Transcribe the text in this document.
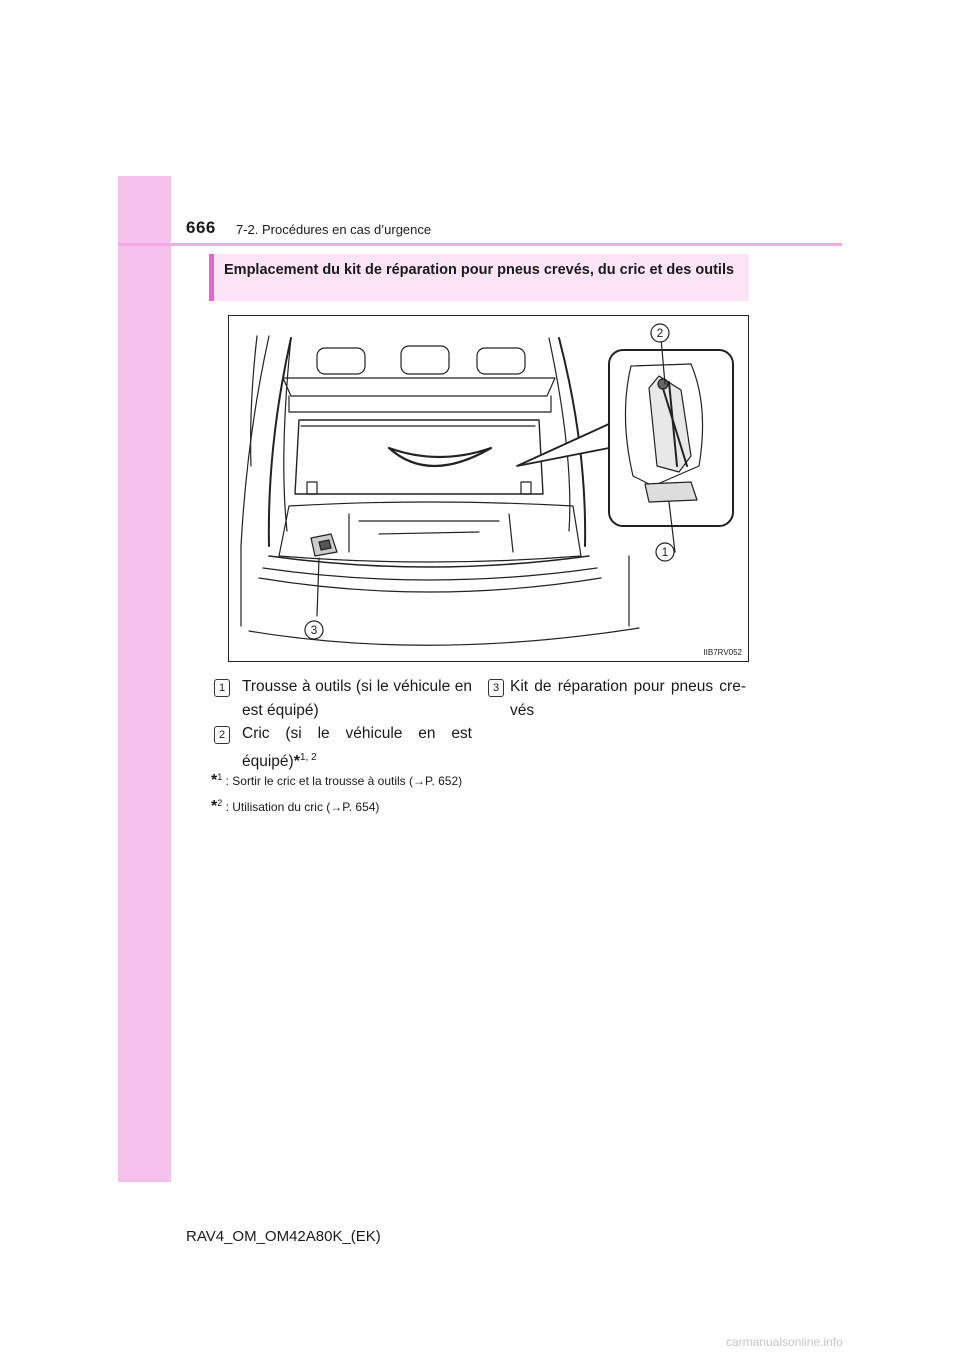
666 7-2. Procédures en cas d’urgence
Emplacement du kit de réparation pour pneus crevés, du cric et des outils
2
1
3
IIB7RV052
1	Trousse à outils (si le véhicule en est équipé)
2	Cric (si le véhicule en est équipé)*$^{1, 2}$
3 Kit de réparation pour pneus crevés
*$^1$ : Sortir le cric et la trousse à outils (→P. 652)
*$^2$ : Utilisation du cric (→P. 654)
RAV4_OM_OM42A80K_(EK)
carmanualsonline.info
